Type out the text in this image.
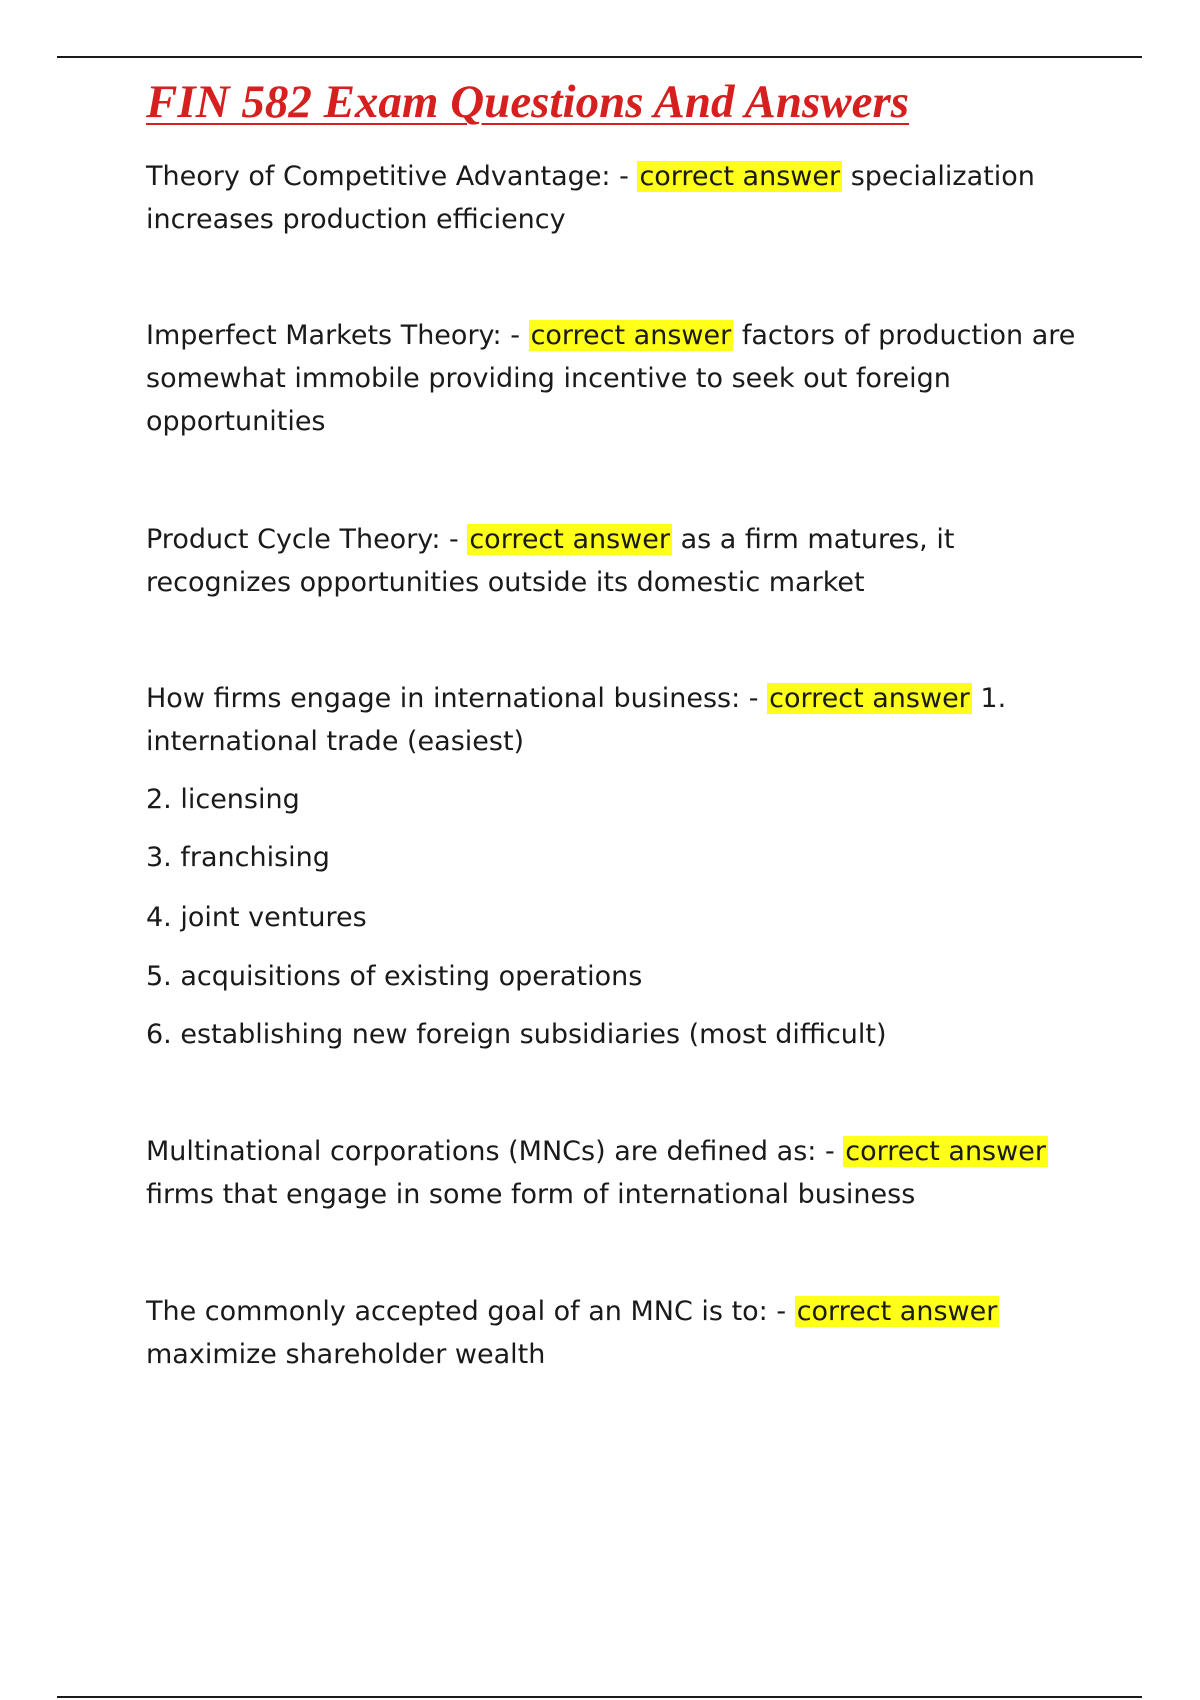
FIN 582 Exam Questions And Answers

Theory of Competitive Advantage: - correct answer specialization increases production efficiency

Imperfect Markets Theory: - correct answer factors of production are somewhat immobile providing incentive to seek out foreign opportunities

Product Cycle Theory: - correct answer as a firm matures, it recognizes opportunities outside its domestic market

How firms engage in international business: - correct answer 1. international trade (easiest)

2. licensing

3. franchising

4. joint ventures

5. acquisitions of existing operations

6. establishing new foreign subsidiaries (most difficult)

Multinational corporations (MNCs) are defined as: - correct answer firms that engage in some form of international business

The commonly accepted goal of an MNC is to: - correct answer maximize shareholder wealth
